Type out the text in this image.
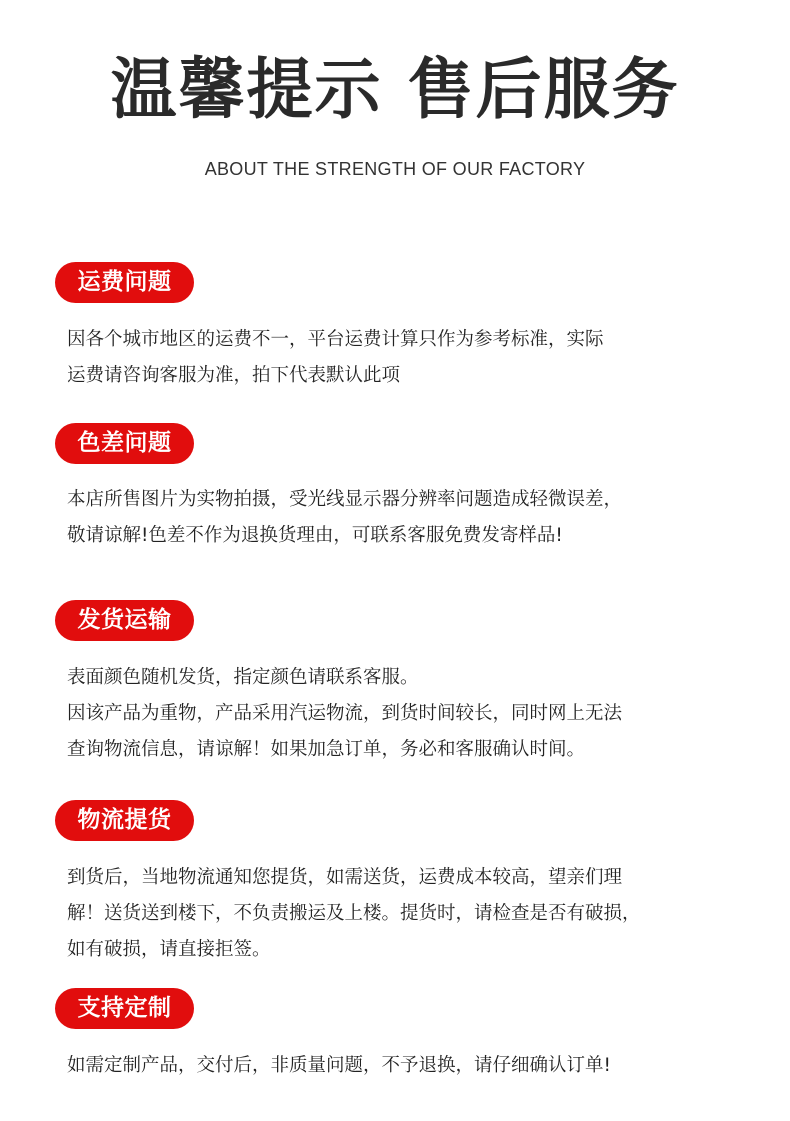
温馨提示 售后服务
ABOUT THE STRENGTH OF OUR FACTORY
运费问题
因各个城市地区的运费不一，平台运费计算只作为参考标准，实际
运费请咨询客服为准，拍下代表默认此项
色差问题
本店所售图片为实物拍摄，受光线显示器分辨率问题造成轻微误差，
敬请谅解!色差不作为退换货理由，可联系客服免费发寄样品!
发货运输
表面颜色随机发货，指定颜色请联系客服。
因该产品为重物，产品采用汽运物流，到货时间较长，同时网上无法
查询物流信息，请谅解！如果加急订单，务必和客服确认时间。
物流提货
到货后，当地物流通知您提货，如需送货，运费成本较高，望亲们理
解！送货送到楼下，不负责搬运及上楼。提货时，请检查是否有破损，
如有破损，请直接拒签。
支持定制
如需定制产品，交付后，非质量问题，不予退换，请仔细确认订单!
